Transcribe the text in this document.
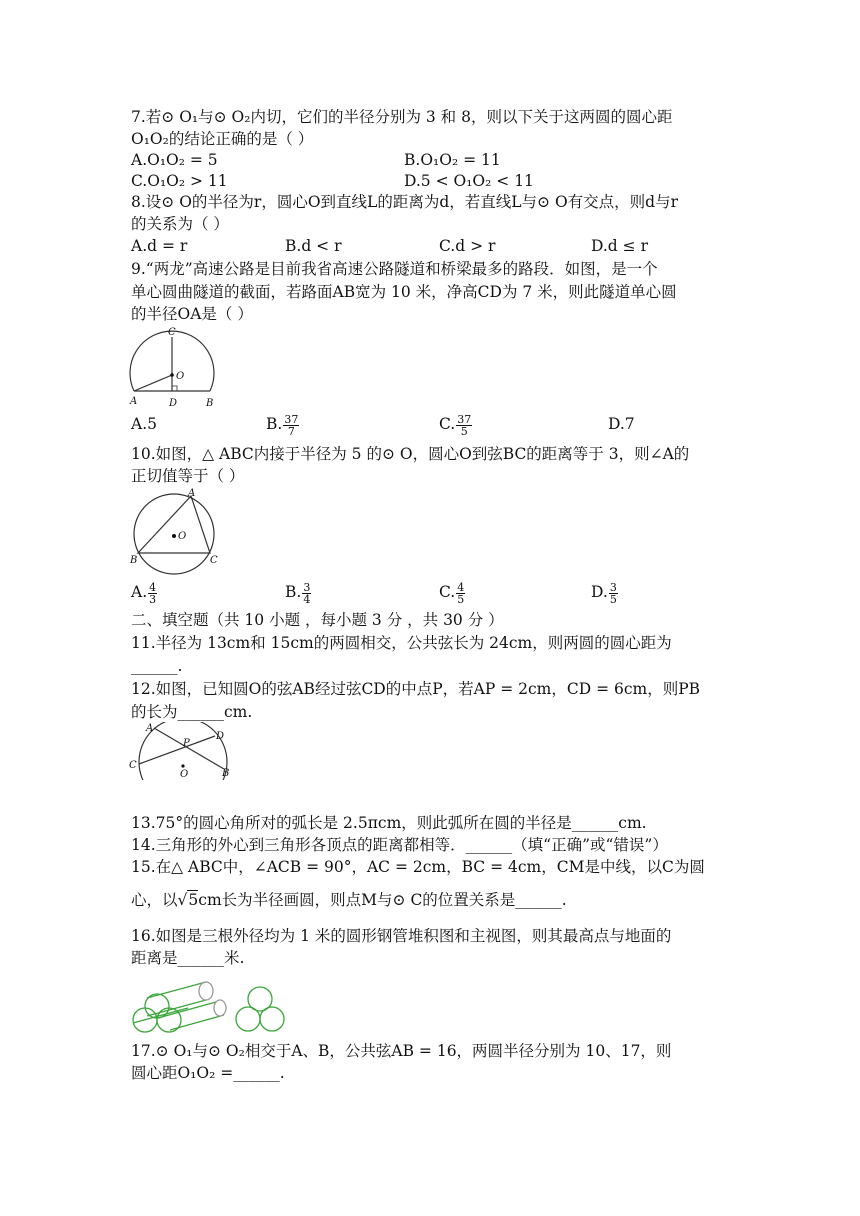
7.若⊙ O₁与⊙ O₂内切，它们的半径分别为 3 和 8，则以下关于这两圆的圆心距
O₁O₂的结论正确的是（ ）
A.O₁O₂ = 5	B.O₁O₂ = 11
C.O₁O₂ > 11	D.5 < O₁O₂ < 11
8.设⊙ O的半径为r，圆心O到直线L的距离为d，若直线L与⊙ O有交点，则d与r
的关系为（ ）
A.d = r	B.d < r	C.d > r	D.d ≤ r
9.“两龙”高速公路是目前我省高速公路隧道和桥梁最多的路段．如图，是一个
单心圆曲隧道的截面，若路面AB宽为 10 米，净高CD为 7 米，则此隧道单心圆
的半径OA是（ ）
C
O
A	D	B
A.5	B. $\frac{37}{7}$	C. $\frac{37}{5}$	D.7
10.如图，△ ABC内接于半径为 5 的⊙ O，圆心O到弦BC的距离等于 3，则∠A的
正切值等于（ ）
A
O
B	C
A. $\frac{4}{3}$	B. $\frac{3}{4}$	C. $\frac{4}{5}$	D. $\frac{3}{5}$
二、填空题（共 10 小题 ，每小题 3 分 ，共 30 分 ）
11.半径为 13cm和 15cm的两圆相交，公共弦长为 24cm，则两圆的圆心距为
______.
12.如图，已知圆O的弦AB经过弦CD的中点P，若AP = 2cm，CD = 6cm，则PB
的长为______cm.
A
P
D
C
O	B
13.75°的圆心角所对的弧长是 2.5πcm，则此弧所在圆的半径是______cm.
14.三角形的外心到三角形各顶点的距离都相等．______（填“正确”或“错误”）
15.在△ ABC中，∠ACB = 90°，AC = 2cm，BC = 4cm，CM是中线，以C为圆
心，以√5cm长为半径画圆，则点M与⊙ C的位置关系是______.
16.如图是三根外径均为 1 米的圆形钢管堆积图和主视图，则其最高点与地面的
距离是______米.
17.⊙ O₁与⊙ O₂相交于A、B，公共弦AB = 16，两圆半径分别为 10、17，则
圆心距O₁O₂ =______.
